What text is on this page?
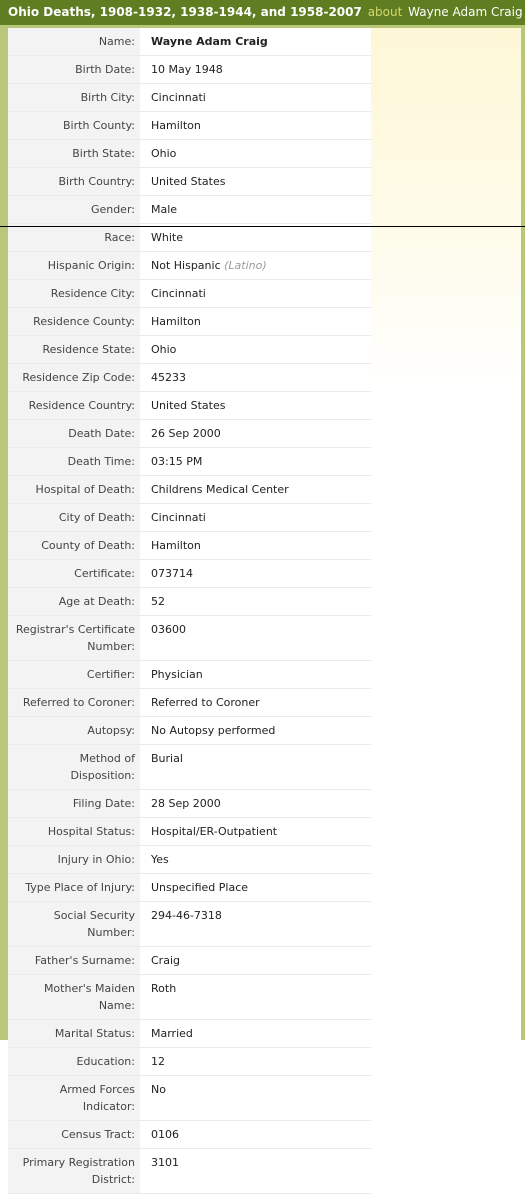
Ohio Deaths, 1908-1932, 1938-1944, and 1958-2007 about Wayne Adam Craig
Name:	Wayne Adam Craig
Birth Date:	10 May 1948
Birth City:	Cincinnati
Birth County:	Hamilton
Birth State:	Ohio
Birth Country:	United States
Gender:	Male
Race:	White
Hispanic Origin:	Not Hispanic (Latino)
Residence City:	Cincinnati
Residence County:	Hamilton
Residence State:	Ohio
Residence Zip Code:	45233
Residence Country:	United States
Death Date:	26 Sep 2000
Death Time:	03:15 PM
Hospital of Death:	Childrens Medical Center
City of Death:	Cincinnati
County of Death:	Hamilton
Certificate:	073714
Age at Death:	52
Registrar's Certificate Number:	03600
Certifier:	Physician
Referred to Coroner:	Referred to Coroner
Autopsy:	No Autopsy performed
Method of Disposition:	Burial
Filing Date:	28 Sep 2000
Hospital Status:	Hospital/ER-Outpatient
Injury in Ohio:	Yes
Type Place of Injury:	Unspecified Place
Social Security Number:	294-46-7318
Father's Surname:	Craig
Mother's Maiden Name:	Roth
Marital Status:	Married
Education:	12
Armed Forces Indicator:	No
Census Tract:	0106
Primary Registration District:	3101
